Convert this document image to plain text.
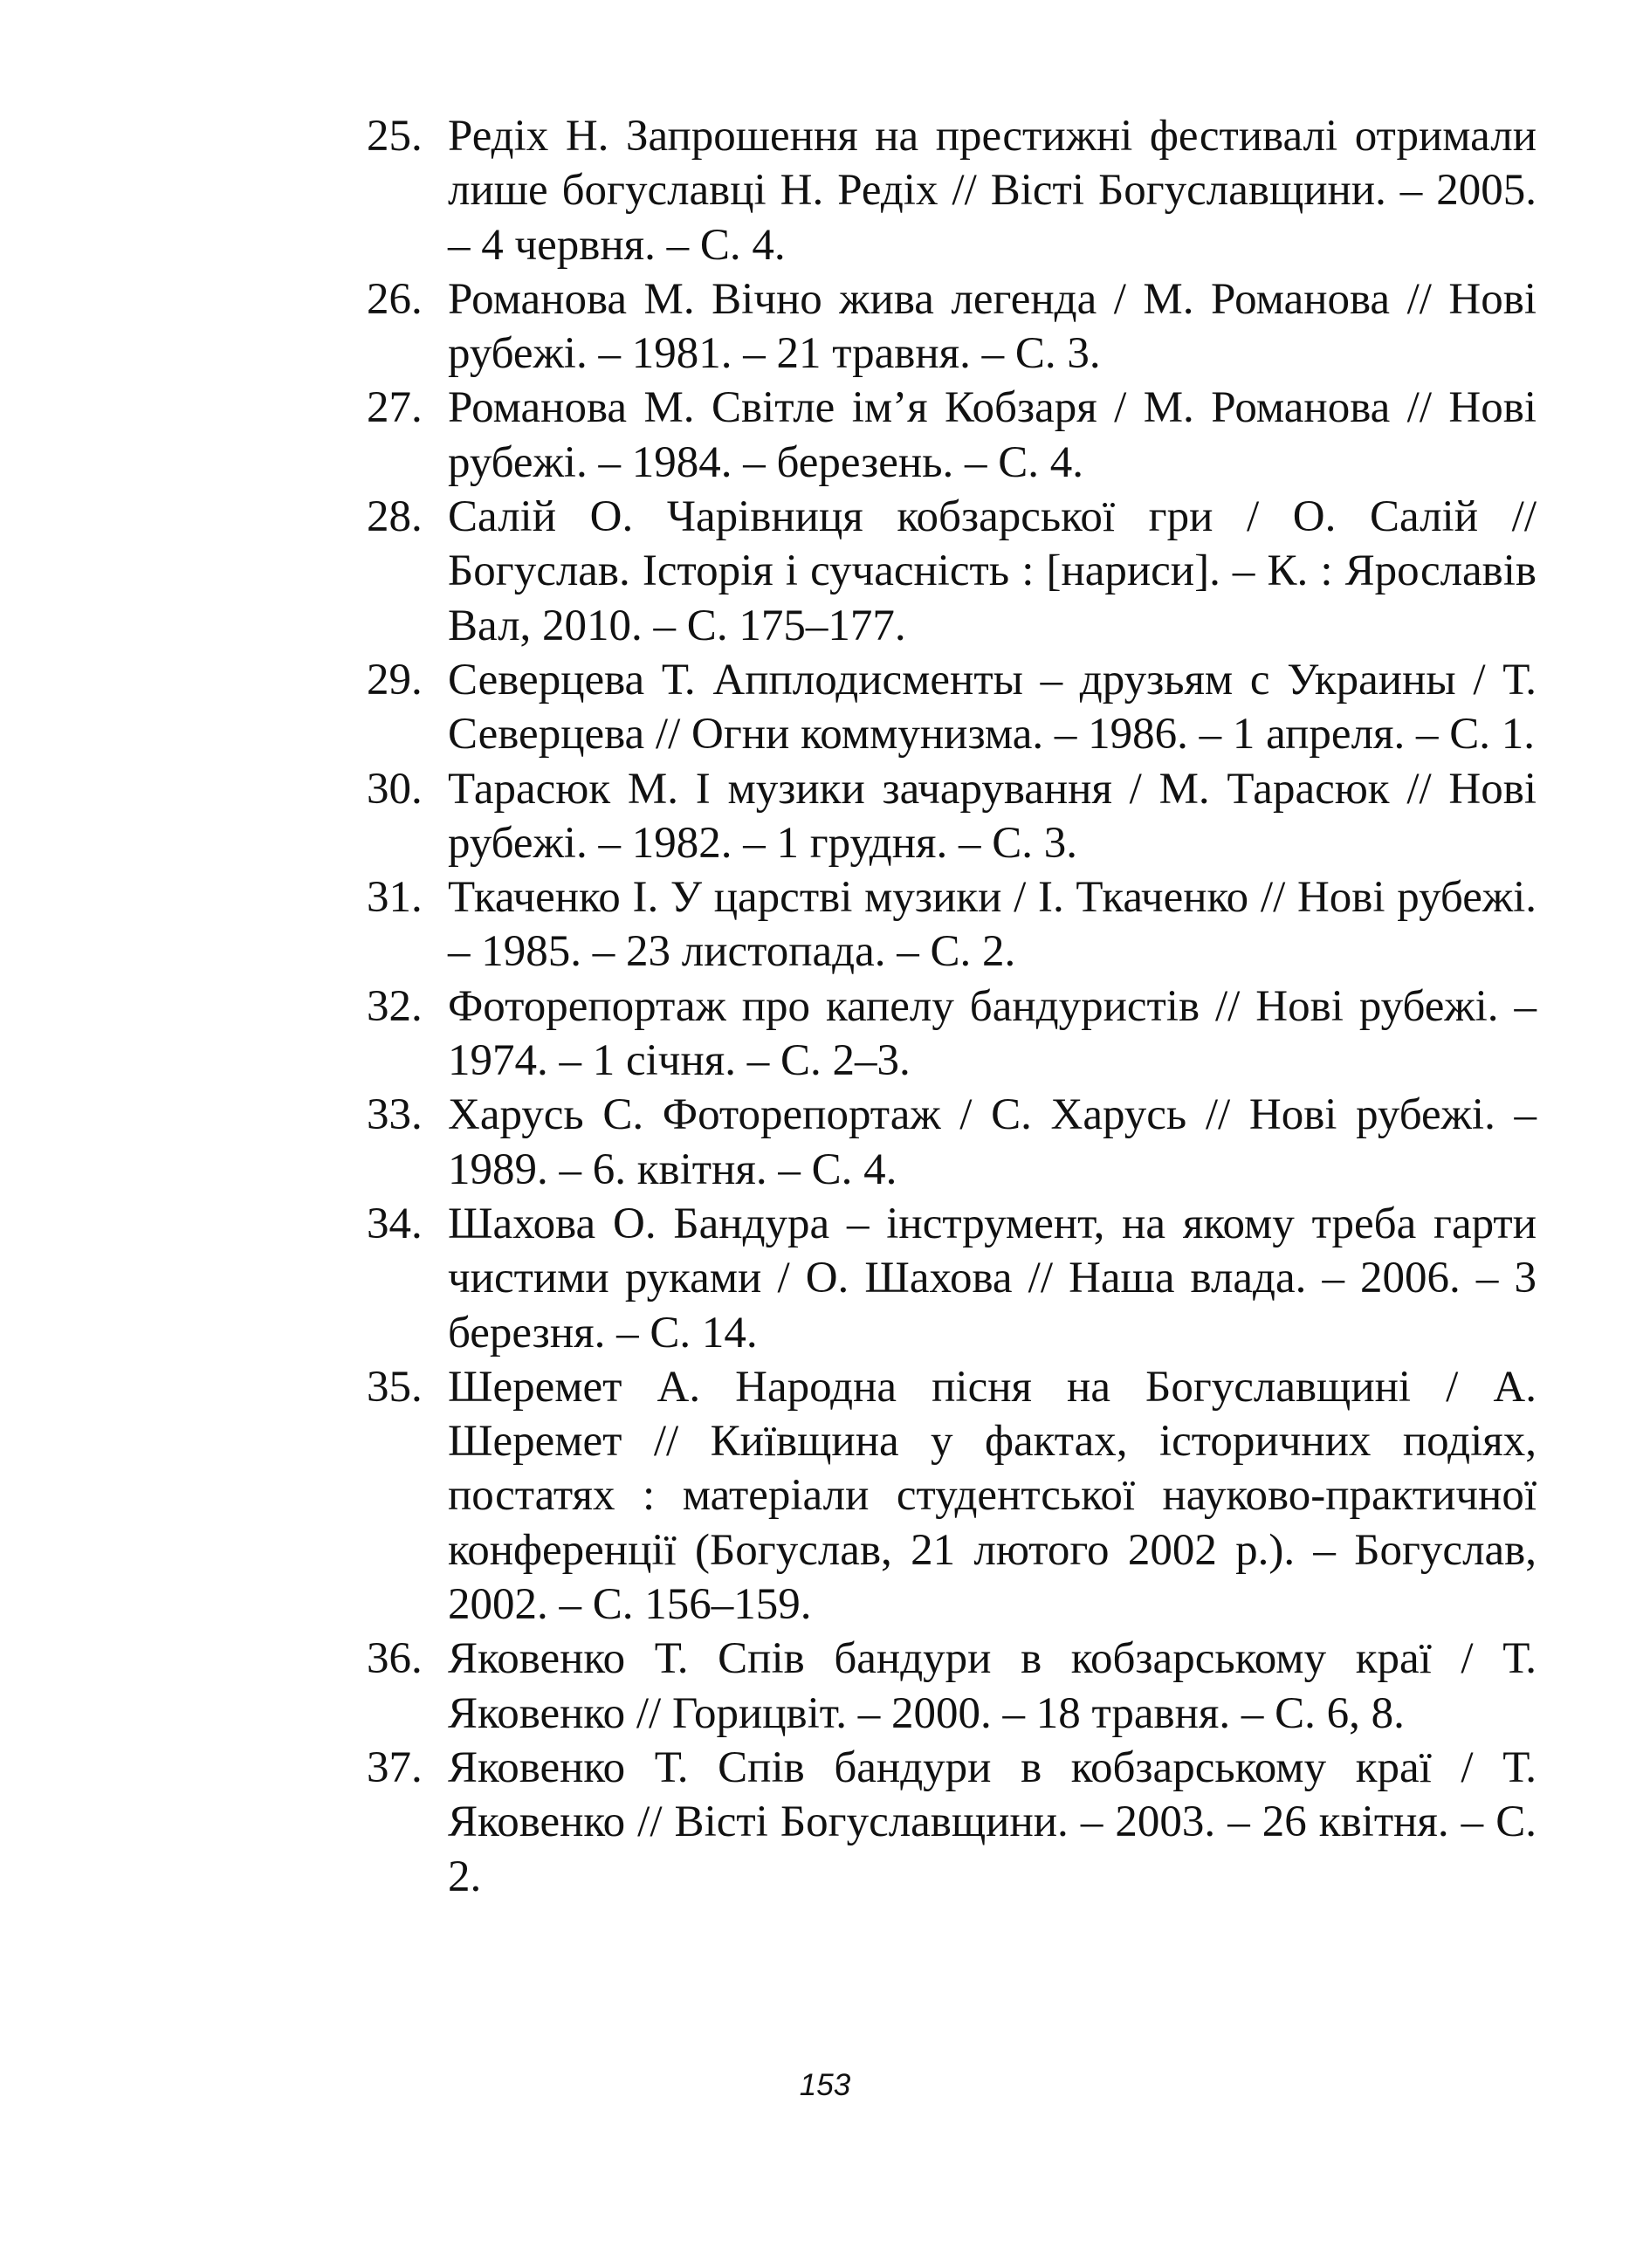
25. Редіх Н. Запрошення на престижні фестивалі отримали лише богуславці Н. Редіх // Вісті Богуславщини. – 2005. – 4 червня. – С. 4.
26. Романова М. Вічно жива легенда / М. Романова // Нові рубежі. – 1981. – 21 травня. – С. 3.
27. Романова М. Світле ім’я Кобзаря / М. Романова // Нові рубежі. – 1984. – березень. – С. 4.
28. Салій О. Чарівниця кобзарської гри / О. Салій // Богуслав. Історія і сучасність : [нариси]. – К. : Ярославів Вал, 2010. – С. 175–177.
29. Северцева Т. Апплодисменты – друзьям с Украины / Т. Северцева // Огни коммунизма. – 1986. – 1 апреля. – С. 1.
30. Тарасюк М. І музики зачарування / М. Тарасюк // Нові рубежі. – 1982. – 1 грудня. – С. 3.
31. Ткаченко І. У царстві музики / І. Ткаченко // Нові рубежі. – 1985. – 23 листопада. – С. 2.
32. Фоторепортаж про капелу бандуристів // Нові рубежі. – 1974. – 1 січня. – С. 2–3.
33. Харусь С. Фоторепортаж / С. Харусь // Нові рубежі. – 1989. – 6. квітня. – С. 4.
34. Шахова О. Бандура – інструмент, на якому треба гарти чистими руками / О. Шахова // Наша влада. – 2006. – 3 березня. – С. 14.
35. Шеремет А. Народна пісня на Богуславщині / А. Шеремет // Київщина у фактах, історичних подіях, постатях : матеріали студентської науково-практичної конференції (Богуслав, 21 лютого 2002 р.). – Богуслав, 2002. – С. 156–159.
36. Яковенко Т. Спів бандури в кобзарському краї / Т. Яковенко // Горицвіт. – 2000. – 18 травня. – С. 6, 8.
37. Яковенко Т. Спів бандури в кобзарському краї / Т. Яковенко // Вісті Богуславщини. – 2003. – 26 квітня. – С. 2.
153
